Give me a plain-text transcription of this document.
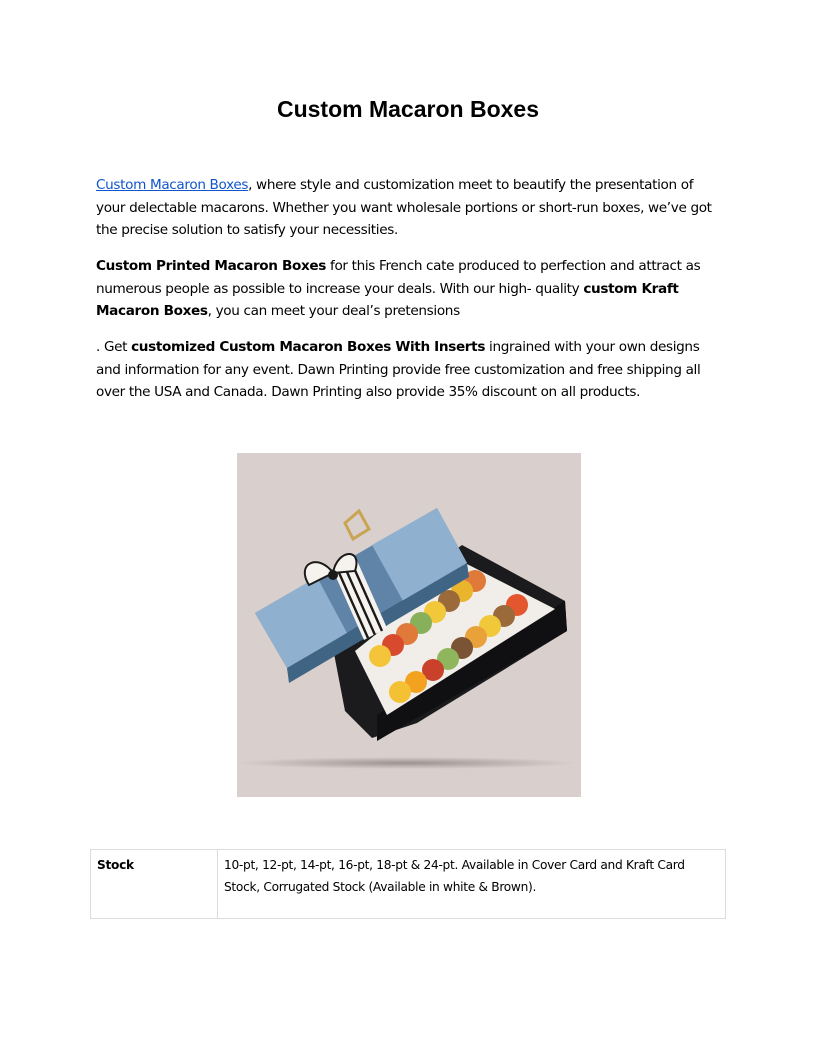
Custom Macaron Boxes

Custom Macaron Boxes, where style and customization meet to beautify the presentation of your delectable macarons. Whether you want wholesale portions or short-run boxes, we’ve got the precise solution to satisfy your necessities.

Custom Printed Macaron Boxes for this French cate produced to perfection and attract as numerous people as possible to increase your deals. With our high- quality custom Kraft Macaron Boxes, you can meet your deal’s pretensions

. Get customized Custom Macaron Boxes With Inserts ingrained with your own designs and information for any event. Dawn Printing provide free customization and free shipping all over the USA and Canada. Dawn Printing also provide 35% discount on all products.

Stock	10-pt, 12-pt, 14-pt, 16-pt, 18-pt & 24-pt. Available in Cover Card and Kraft Card Stock, Corrugated Stock (Available in white & Brown).
